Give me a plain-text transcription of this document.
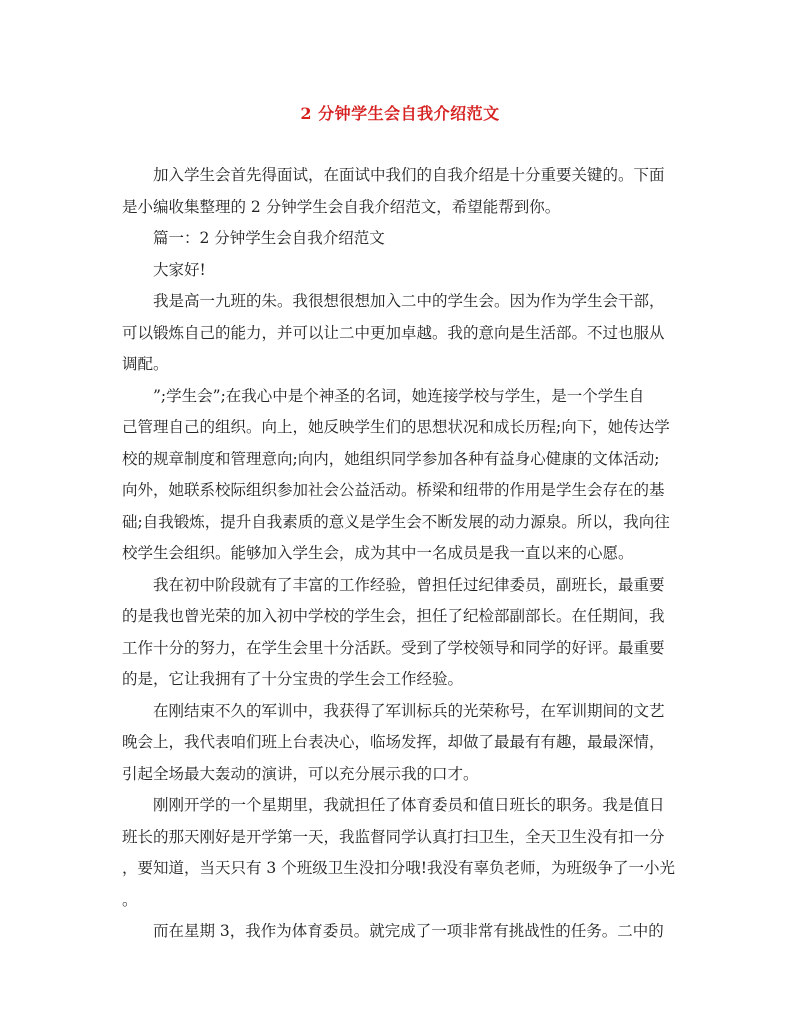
2 分钟学生会自我介绍范文

加入学生会首先得面试，在面试中我们的自我介绍是十分重要关键的。下面
是小编收集整理的 2 分钟学生会自我介绍范文，希望能帮到你。

篇一：2 分钟学生会自我介绍范文

大家好!

我是高一九班的朱。我很想很想加入二中的学生会。因为作为学生会干部，
可以锻炼自己的能力，并可以让二中更加卓越。我的意向是生活部。不过也服从
调配。

”;学生会”;在我心中是个神圣的名词，她连接学校与学生，是一个学生自
己管理自己的组织。向上，她反映学生们的思想状况和成长历程;向下，她传达学
校的规章制度和管理意向;向内，她组织同学参加各种有益身心健康的文体活动;
向外，她联系校际组织参加社会公益活动。桥梁和纽带的作用是学生会存在的基
础;自我锻炼，提升自我素质的意义是学生会不断发展的动力源泉。所以，我向往
校学生会组织。能够加入学生会，成为其中一名成员是我一直以来的心愿。

我在初中阶段就有了丰富的工作经验，曾担任过纪律委员，副班长，最重要
的是我也曾光荣的加入初中学校的学生会，担任了纪检部副部长。在任期间，我
工作十分的努力，在学生会里十分活跃。受到了学校领导和同学的好评。最重要
的是，它让我拥有了十分宝贵的学生会工作经验。

在刚结束不久的军训中，我获得了军训标兵的光荣称号，在军训期间的文艺
晚会上，我代表咱们班上台表决心，临场发挥，却做了最最有有趣，最最深情，
引起全场最大轰动的演讲，可以充分展示我的口才。

刚刚开学的一个星期里，我就担任了体育委员和值日班长的职务。我是值日
班长的那天刚好是开学第一天，我监督同学认真打扫卫生，全天卫生没有扣一分
，要知道，当天只有 3 个班级卫生没扣分哦!我没有辜负老师，为班级争了一小光
。

而在星期 3，我作为体育委员。就完成了一项非常有挑战性的任务。二中的
